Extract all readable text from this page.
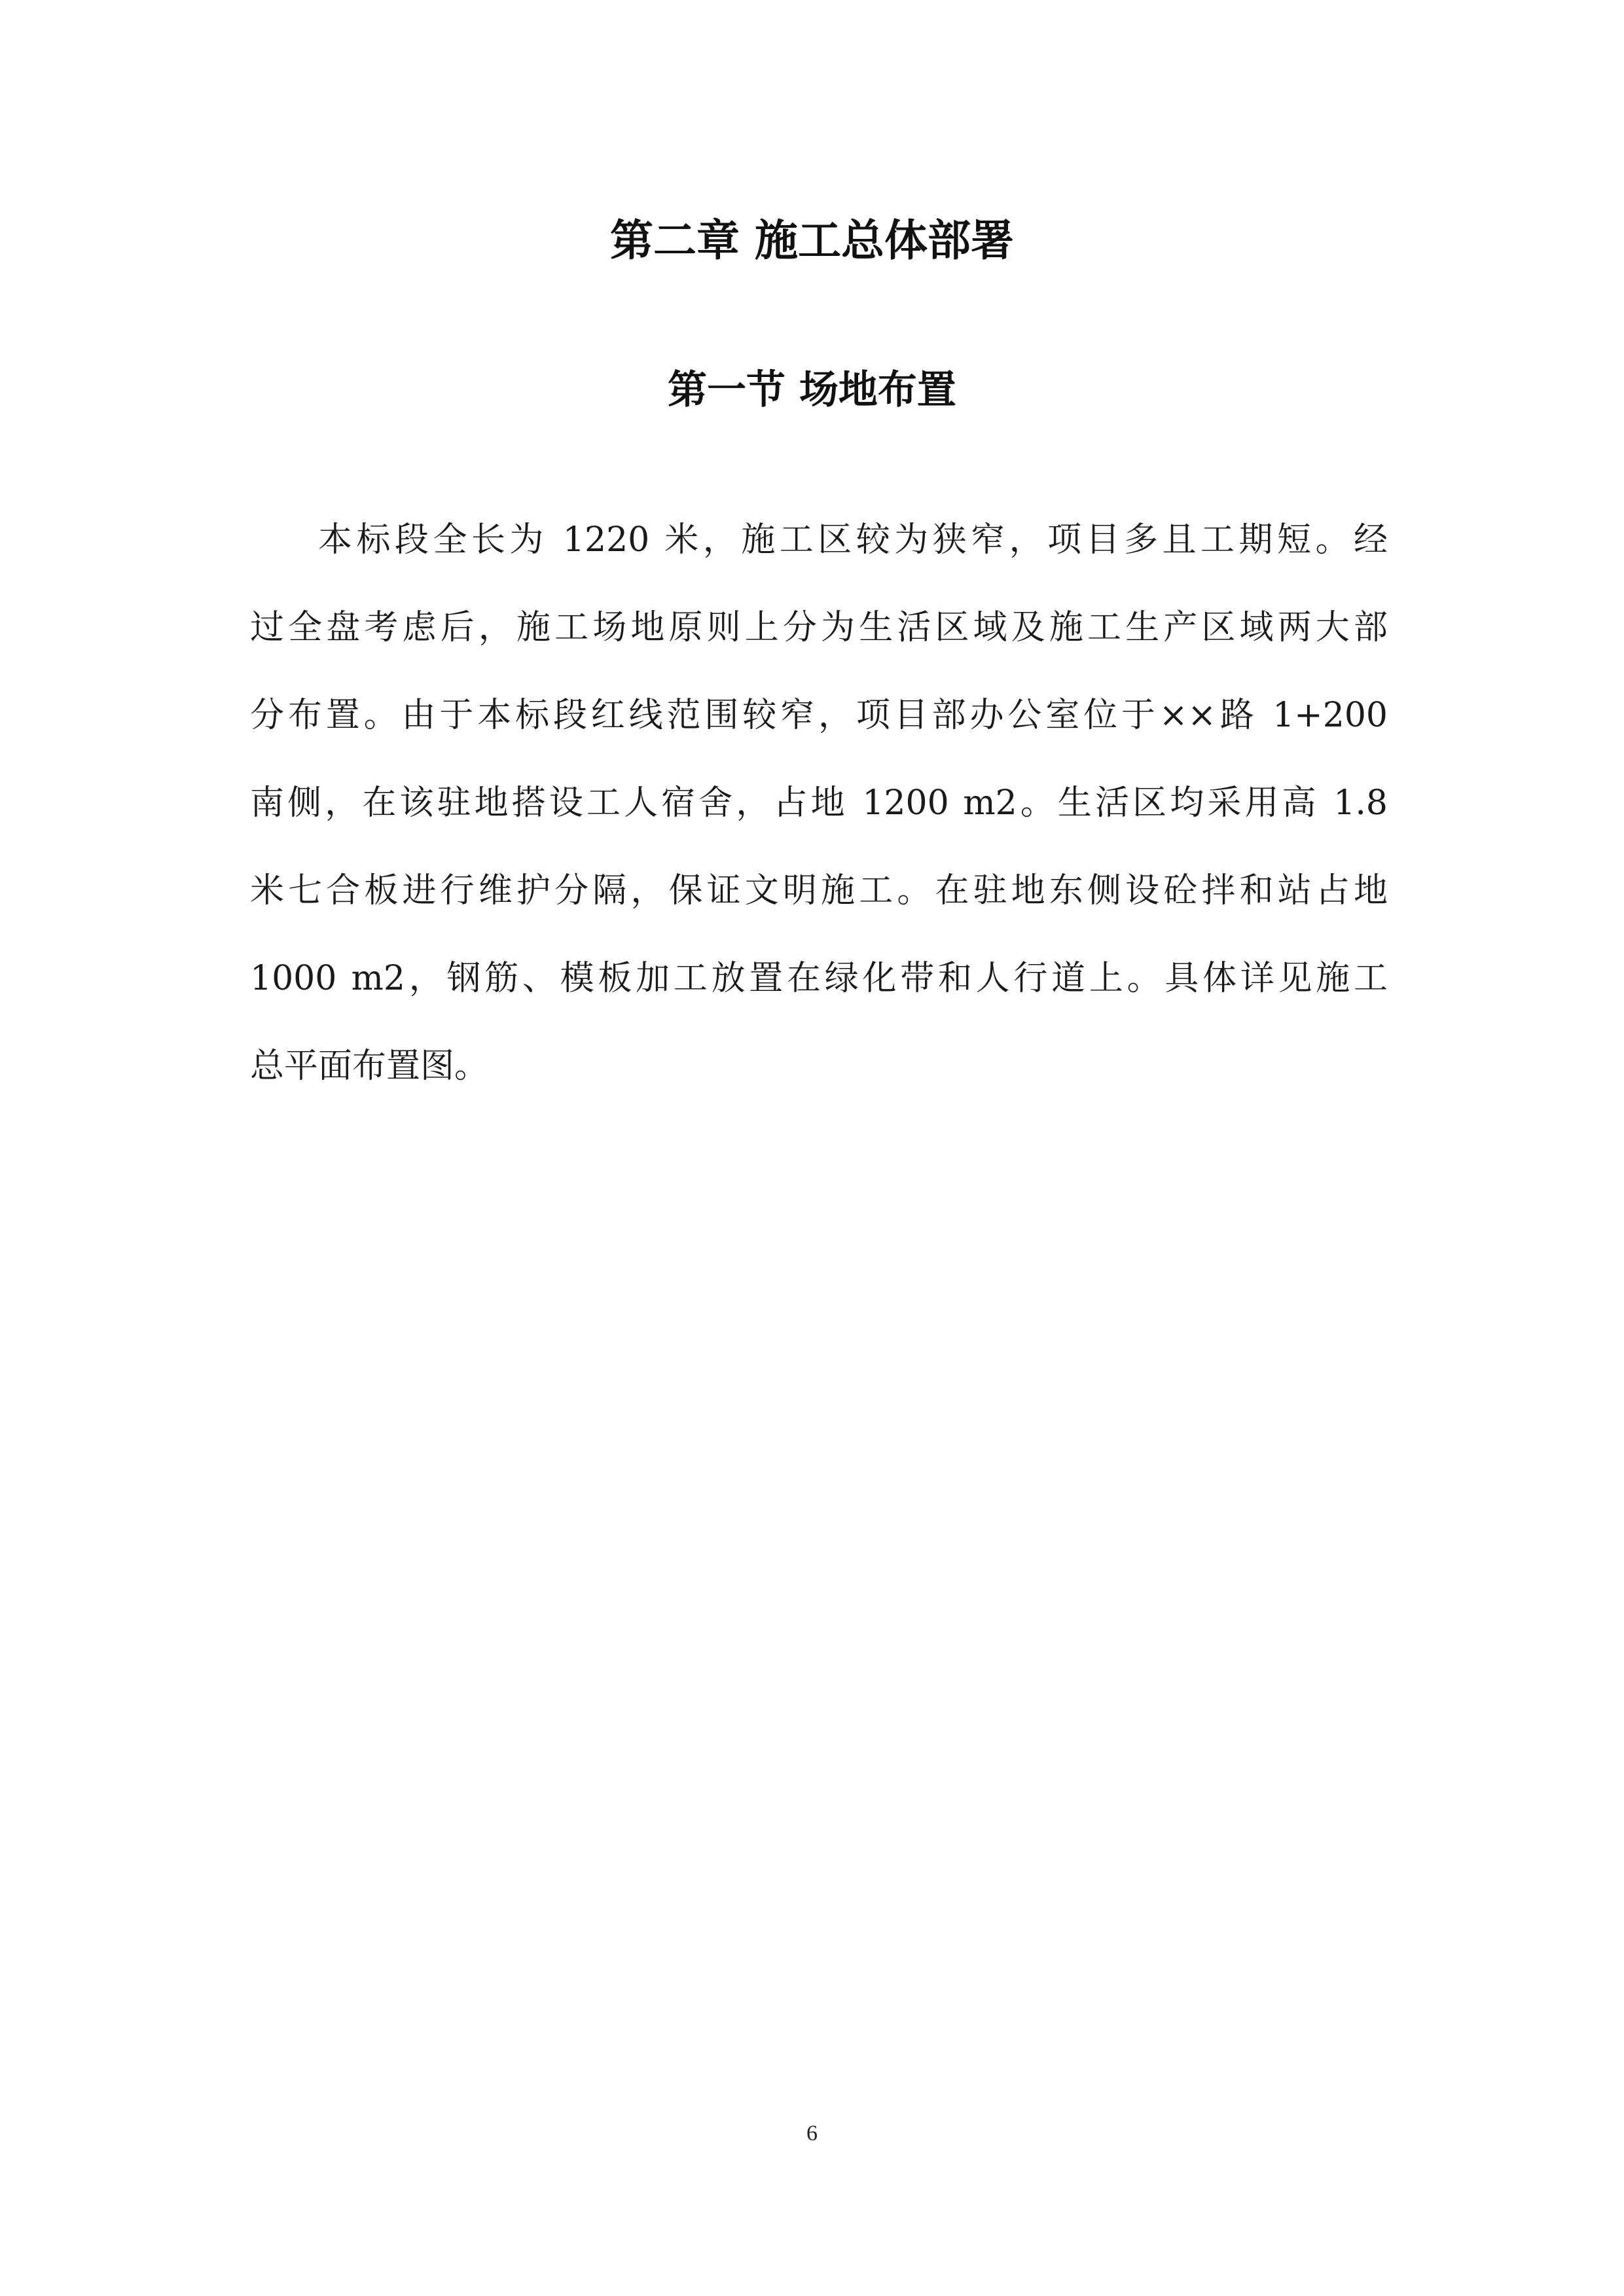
第二章 施工总体部署
第一节 场地布置
本标段全长为 1220 米，施工区较为狭窄，项目多且工期短。经
过全盘考虑后，施工场地原则上分为生活区域及施工生产区域两大部
分布置。由于本标段红线范围较窄，项目部办公室位于××路 1+200
南侧，在该驻地搭设工人宿舍，占地 1200 m2。生活区均采用高 1.8
米七合板进行维护分隔，保证文明施工。在驻地东侧设砼拌和站占地
1000 m2，钢筋、模板加工放置在绿化带和人行道上。具体详见施工
总平面布置图。
6
